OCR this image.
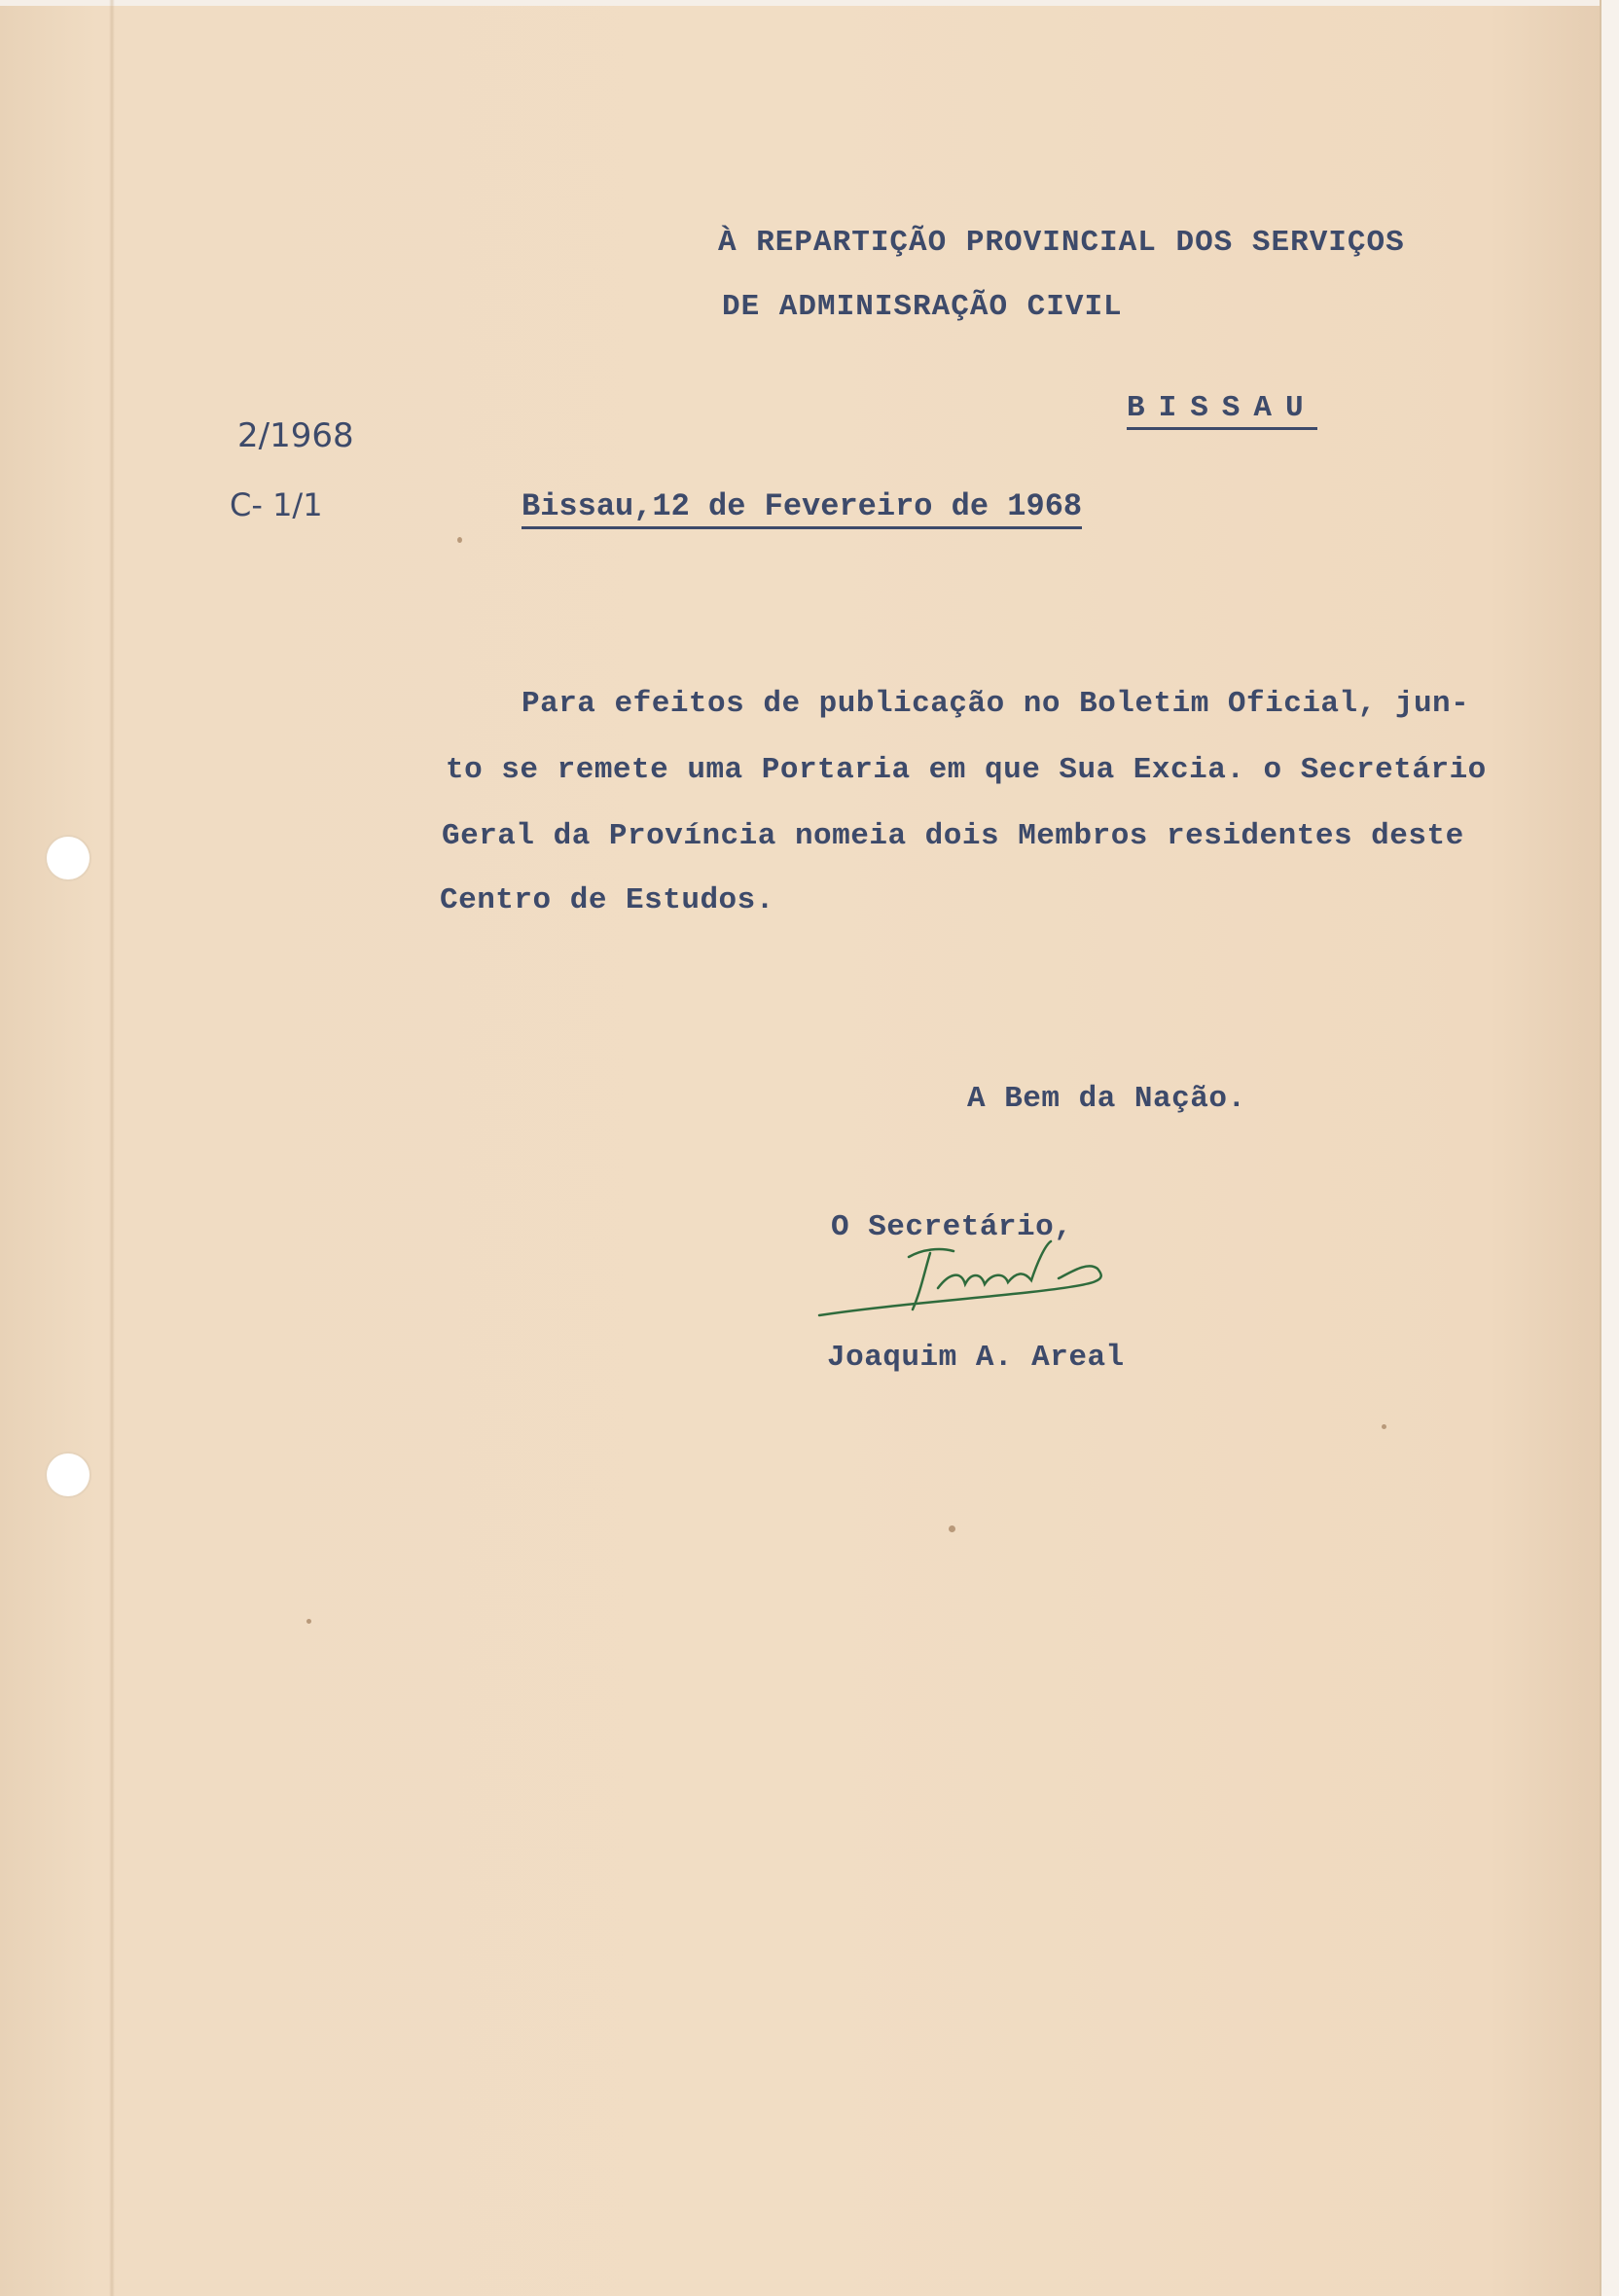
À REPARTIÇÃO PROVINCIAL DOS SERVIÇOS
DE ADMINISRAÇÃO CIVIL
BISSAU
2/1968
C- 1/1	Bissau,12 de Fevereiro de 1968
Para efeitos de publicação no Boletim Oficial, jun-
to se remete uma Portaria em que Sua Excia. o Secretário
Geral da Província nomeia dois Membros residentes deste
Centro de Estudos.
A Bem da Nação.
O Secretário,
Joaquim A. Areal
